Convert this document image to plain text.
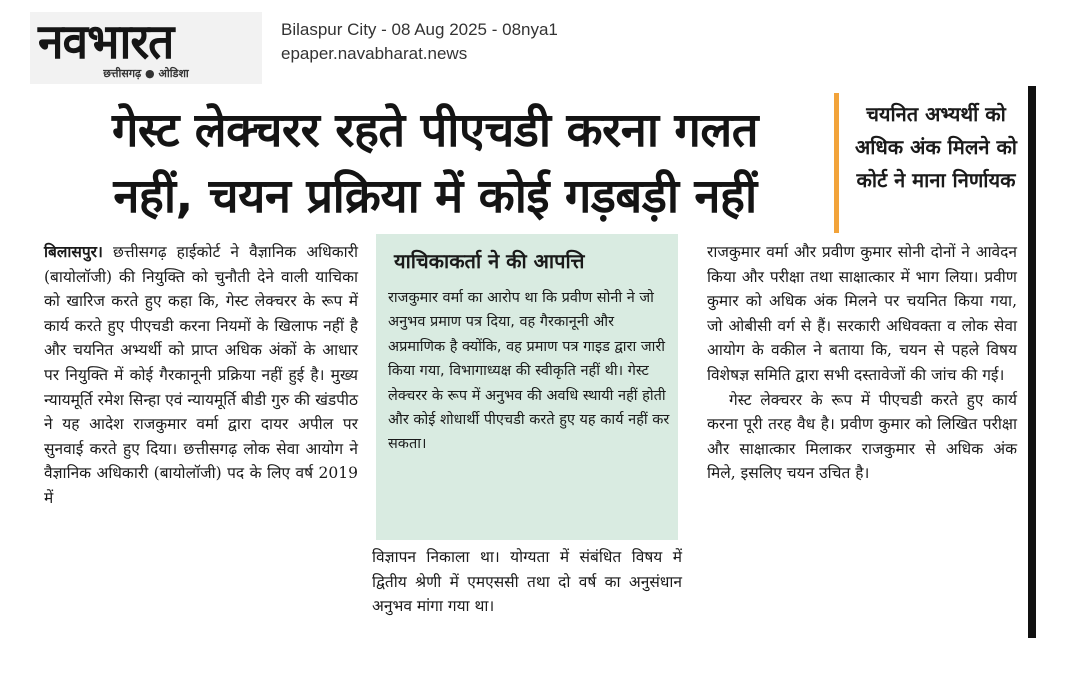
नवभारत
छत्तीसगढ़ ● ओडिशा
Bilaspur City - 08 Aug 2025 - 08nya1
epaper.navabharat.news
गेस्ट लेक्चरर रहते पीएचडी करना गलत
नहीं, चयन प्रक्रिया में कोई गड़बड़ी नहीं
चयनित अभ्यर्थी को अधिक अंक मिलने को कोर्ट ने माना निर्णायक

बिलासपुर। छत्तीसगढ़ हाईकोर्ट ने वैज्ञानिक अधिकारी (बायोलॉजी) की नियुक्ति को चुनौती देने वाली याचिका को खारिज करते हुए कहा कि, गेस्ट लेक्चरर के रूप में कार्य करते हुए पीएचडी करना नियमों के खिलाफ नहीं है और चयनित अभ्यर्थी को प्राप्त अधिक अंकों के आधार पर नियुक्ति में कोई गैरकानूनी प्रक्रिया नहीं हुई है। मुख्य न्यायमूर्ति रमेश सिन्हा एवं न्यायमूर्ति बीडी गुरु की खंडपीठ ने यह आदेश राजकुमार वर्मा द्वारा दायर अपील पर सुनवाई करते हुए दिया। छत्तीसगढ़ लोक सेवा आयोग ने वैज्ञानिक अधिकारी (बायोलॉजी) पद के लिए वर्ष 2019 में

याचिकाकर्ता ने की आपत्ति
राजकुमार वर्मा का आरोप था कि प्रवीण सोनी ने जो अनुभव प्रमाण पत्र दिया, वह गैरकानूनी और अप्रमाणिक है क्योंकि, वह प्रमाण पत्र गाइड द्वारा जारी किया गया, विभागाध्यक्ष की स्वीकृति नहीं थी। गेस्ट लेक्चरर के रूप में अनुभव की अवधि स्थायी नहीं होती और कोई शोधार्थी पीएचडी करते हुए यह कार्य नहीं कर सकता।

विज्ञापन निकाला था। योग्यता में संबंधित विषय में द्वितीय श्रेणी में एमएससी तथा दो वर्ष का अनुसंधान अनुभव मांगा गया था।

राजकुमार वर्मा और प्रवीण कुमार सोनी दोनों ने आवेदन किया और परीक्षा तथा साक्षात्कार में भाग लिया। प्रवीण कुमार को अधिक अंक मिलने पर चयनित किया गया, जो ओबीसी वर्ग से हैं। सरकारी अधिवक्ता व लोक सेवा आयोग के वकील ने बताया कि, चयन से पहले विषय विशेषज्ञ समिति द्वारा सभी दस्तावेजों की जांच की गई।

गेस्ट लेक्चरर के रूप में पीएचडी करते हुए कार्य करना पूरी तरह वैध है। प्रवीण कुमार को लिखित परीक्षा और साक्षात्कार मिलाकर राजकुमार से अधिक अंक मिले, इसलिए चयन उचित है।
